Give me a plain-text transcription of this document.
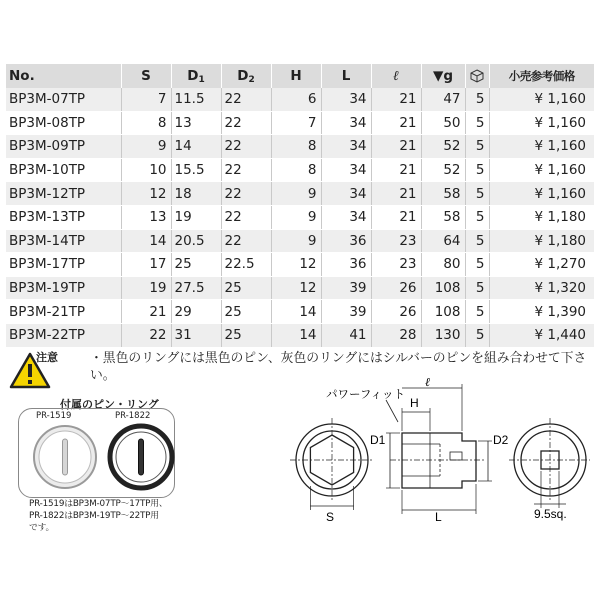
No.	S	$D_1$	$D_2$	H	L	ℓ	▼g		小売参考価格
BP3M-07TP	7	11.5	22	6	34	21	47	5	¥ 1,160
BP3M-08TP	8	13	22	7	34	21	50	5	¥ 1,160
BP3M-09TP	9	14	22	8	34	21	52	5	¥ 1,160
BP3M-10TP	10	15.5	22	8	34	21	52	5	¥ 1,160
BP3M-12TP	12	18	22	9	34	21	58	5	¥ 1,160
BP3M-13TP	13	19	22	9	34	21	58	5	¥ 1,180
BP3M-14TP	14	20.5	22	9	36	23	64	5	¥ 1,180
BP3M-17TP	17	25	22.5	12	36	23	80	5	¥ 1,270
BP3M-19TP	19	27.5	25	12	39	26	108	5	¥ 1,320
BP3M-21TP	21	29	25	14	39	26	108	5	¥ 1,390
BP3M-22TP	22	31	25	14	41	28	130	5	¥ 1,440
注意	・黒色のリングには黒色のピン、灰色のリングにはシルバーのピンを組み合わせて下さい。
付属のピン・リング
PR-1519	PR-1822
PR-1519はBP3M-07TP〜17TP用、
PR-1822はBP3M-19TP〜22TP用
です。
S
パワーフィット
ℓ
H
D1	D2
L	9.5sq.
